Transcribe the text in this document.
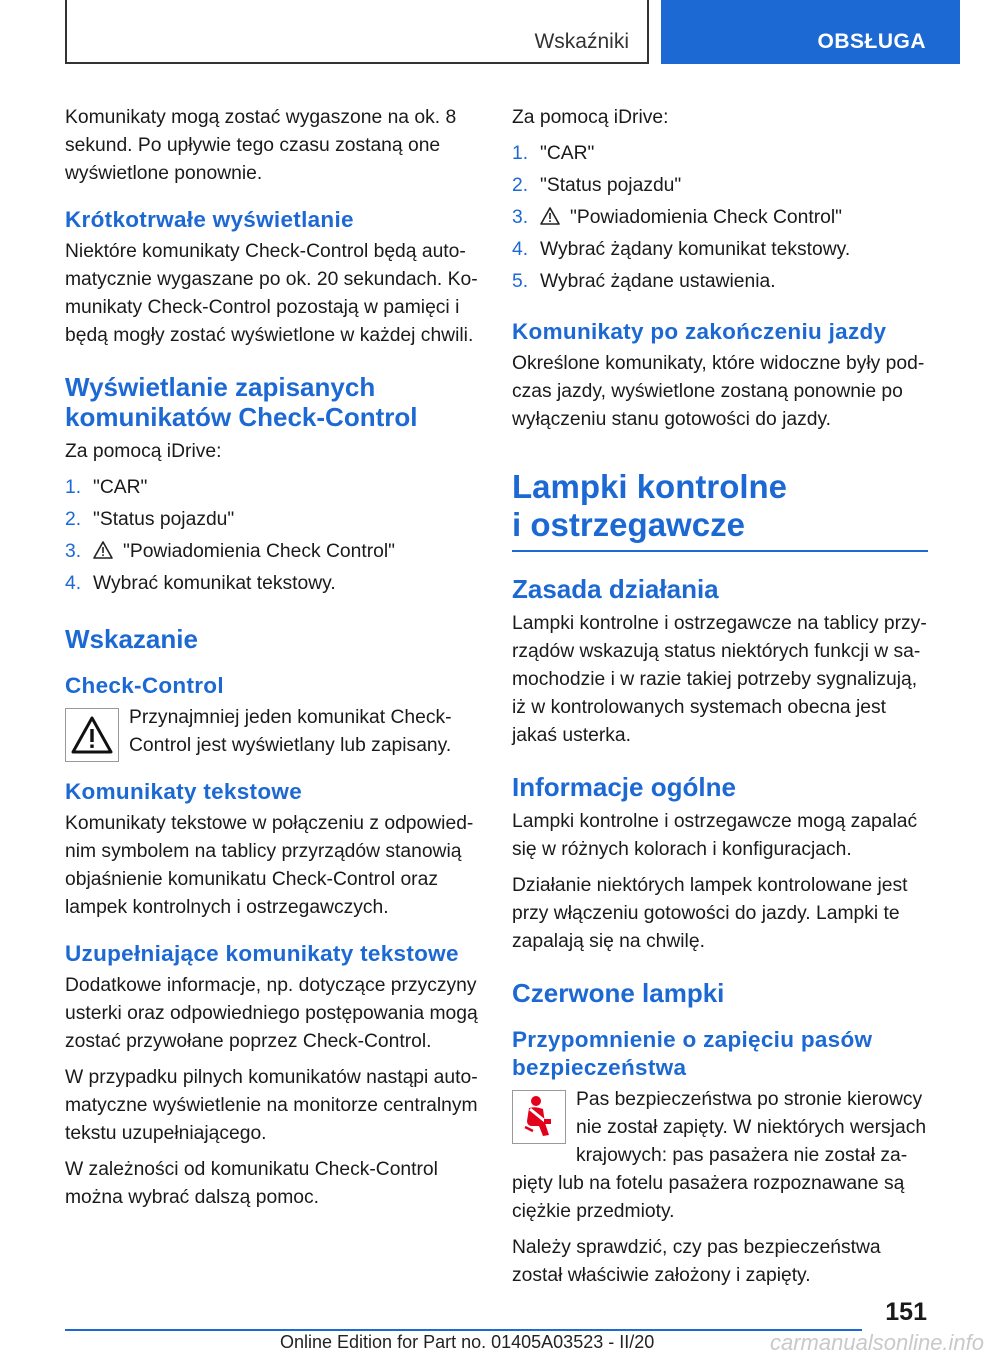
Wskaźniki	OBSŁUGA

Komunikaty mogą zostać wygaszone na ok. 8 sekund. Po upływie tego czasu zostaną one wyświetlone ponownie.

Krótkotrwałe wyświetlanie

Niektóre komunikaty Check-Control będą automatycznie wygaszane po ok. 20 sekundach. Komunikaty Check-Control pozostają w pamięci i będą mogły zostać wyświetlone w każdej chwili.

Wyświetlanie zapisanych komunikatów Check-Control

Za pomocą iDrive:

1. "CAR"
2. "Status pojazdu"
3. "Powiadomienia Check Control"
4. Wybrać komunikat tekstowy.
Wskazanie
Check-Control

Przynajmniej jeden komunikat Check-Control jest wyświetlany lub zapisany.

Komunikaty tekstowe

Komunikaty tekstowe w połączeniu z odpowiednim symbolem na tablicy przyrządów stanowią objaśnienie komunikatu Check-Control oraz lampek kontrolnych i ostrzegawczych.

Uzupełniające komunikaty tekstowe

Dodatkowe informacje, np. dotyczące przyczyny usterki oraz odpowiedniego postępowania mogą zostać przywołane poprzez Check-Control.

W przypadku pilnych komunikatów nastąpi automatyczne wyświetlenie na monitorze centralnym tekstu uzupełniającego.

W zależności od komunikatu Check-Control można wybrać dalszą pomoc.

Za pomocą iDrive:

1. "CAR"
2. "Status pojazdu"
3. "Powiadomienia Check Control"
4. Wybrać żądany komunikat tekstowy.
5. Wybrać żądane ustawienia.
Komunikaty po zakończeniu jazdy

Określone komunikaty, które widoczne były podczas jazdy, wyświetlone zostaną ponownie po wyłączeniu stanu gotowości do jazdy.

Lampki kontrolne
i ostrzegawcze
Zasada działania

Lampki kontrolne i ostrzegawcze na tablicy przyrządów wskazują status niektórych funkcji w samochodzie i w razie takiej potrzeby sygnalizują, iż w kontrolowanych systemach obecna jest jakaś usterka.

Informacje ogólne

Lampki kontrolne i ostrzegawcze mogą zapalać się w różnych kolorach i konfiguracjach.

Działanie niektórych lampek kontrolowane jest przy włączeniu gotowości do jazdy. Lampki te zapalają się na chwilę.

Czerwone lampki
Przypomnienie o zapięciu pasów bezpieczeństwa

Pas bezpieczeństwa po stronie kierowcy nie został zapięty. W niektórych wersjach krajowych: pas pasażera nie został zapięty lub na fotelu pasażera rozpoznawane są ciężkie przedmioty.

Należy sprawdzić, czy pas bezpieczeństwa został właściwie założony i zapięty.

151
Online Edition for Part no. 01405A03523 - II/20	carmanualsonline.info
